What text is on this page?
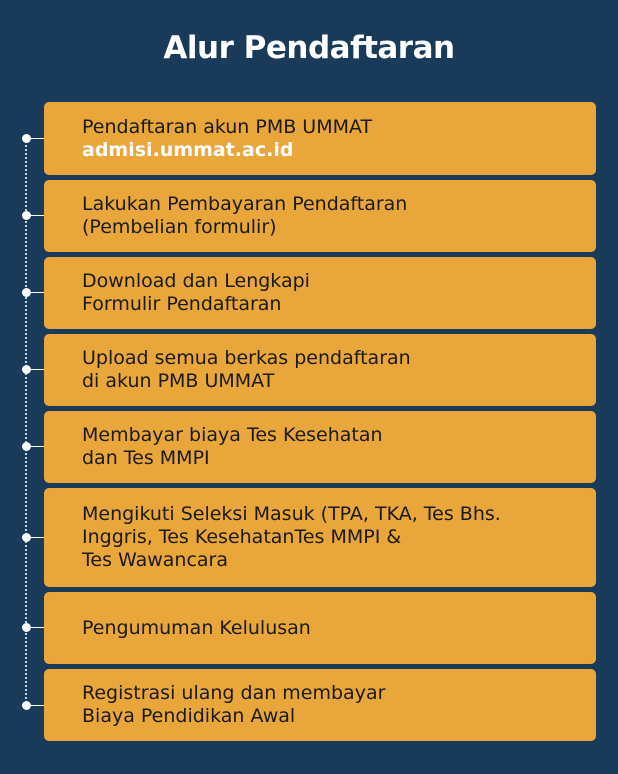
Alur Pendaftaran
Pendaftaran akun PMB UMMAT
admisi.ummat.ac.id
Lakukan Pembayaran Pendaftaran
(Pembelian formulir)
Download dan Lengkapi
Formulir Pendaftaran
Upload semua berkas pendaftaran
di akun PMB UMMAT
Membayar biaya Tes Kesehatan
dan Tes MMPI
Mengikuti Seleksi Masuk (TPA, TKA, Tes Bhs.
Inggris, Tes KesehatanTes MMPI &
Tes Wawancara
Pengumuman Kelulusan
Registrasi ulang dan membayar
Biaya Pendidikan Awal
